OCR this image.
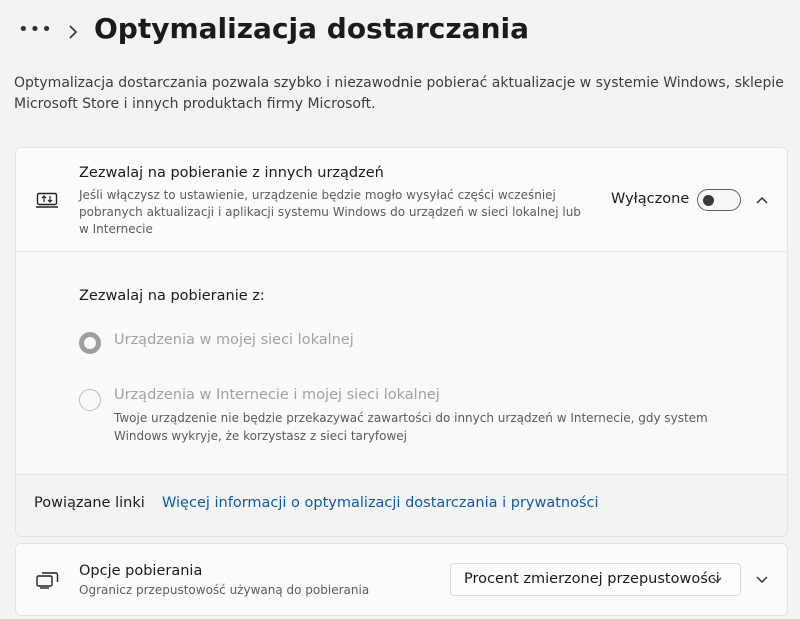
••• Optymalizacja dostarczania
Optymalizacja dostarczania pozwala szybko i niezawodnie pobierać aktualizacje w systemie Windows, sklepie Microsoft Store i innych produktach firmy Microsoft.
Zezwalaj na pobieranie z innych urządzeń
Jeśli włączysz to ustawienie, urządzenie będzie mogło wysyłać części wcześniej pobranych aktualizacji i aplikacji systemu Windows do urządzeń w sieci lokalnej lub w Internecie
Wyłączone
Zezwalaj na pobieranie z:
Urządzenia w mojej sieci lokalnej
Urządzenia w Internecie i mojej sieci lokalnej
Twoje urządzenie nie będzie przekazywać zawartości do innych urządzeń w Internecie, gdy system Windows wykryje, że korzystasz z sieci taryfowej
Powiązane linki Więcej informacji o optymalizacji dostarczania i prywatności
Opcje pobierania
Ogranicz przepustowość używaną do pobierania
Procent zmierzonej przepustowości
